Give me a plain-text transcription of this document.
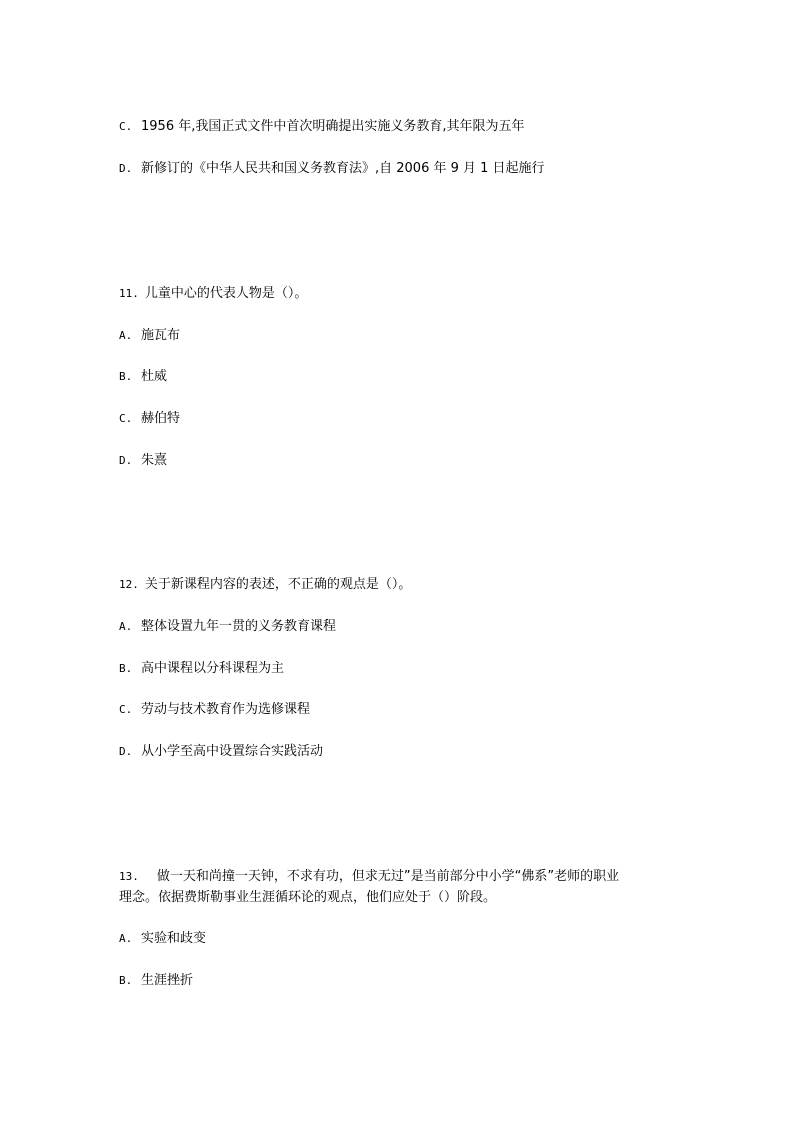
C. 1956 年,我国正式文件中首次明确提出实施义务教育,其年限为五年
D. 新修订的《中华人民共和国义务教育法》,自 2006 年 9 月 1 日起施行
11. 儿童中心的代表人物是（）。
A. 施瓦布
B. 杜威
C. 赫伯特
D. 朱熹
12. 关于新课程内容的表述，不正确的观点是（）。
A. 整体设置九年一贯的义务教育课程
B. 高中课程以分科课程为主
C. 劳动与技术教育作为选修课程
D. 从小学至高中设置综合实践活动
13. 做一天和尚撞一天钟，不求有功，但求无过”是当前部分中小学“佛系”老师的职业
理念。依据费斯勒事业生涯循环论的观点，他们应处于（）阶段。
A. 实验和歧变
B. 生涯挫折
